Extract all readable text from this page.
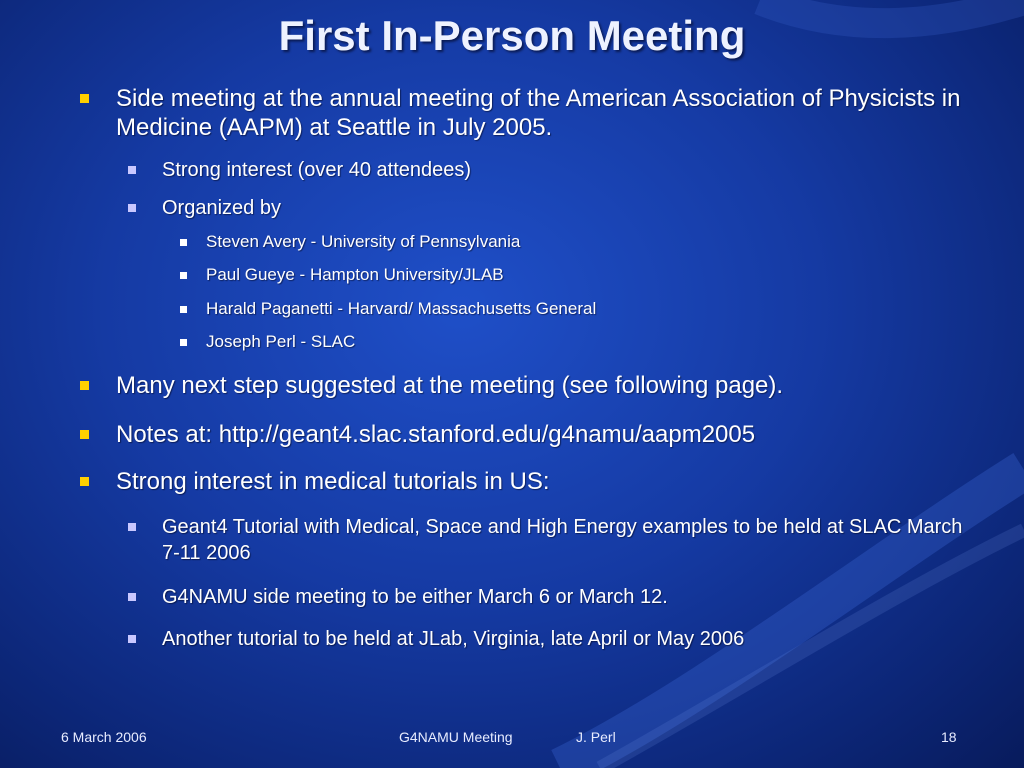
First In-Person Meeting
Side meeting at the annual meeting of the American Association of Physicists in Medicine (AAPM) at Seattle in July 2005.
Strong interest (over 40 attendees)
Organized by
Steven Avery - University of Pennsylvania
Paul Gueye - Hampton University/JLAB
Harald Paganetti - Harvard/ Massachusetts General
Joseph Perl - SLAC
Many next step suggested at the meeting (see following page).
Notes at: http://geant4.slac.stanford.edu/g4namu/aapm2005
Strong interest in medical tutorials in US:
Geant4 Tutorial with Medical, Space and High Energy examples to be held at SLAC March 7-11 2006
G4NAMU side meeting to be either March 6 or March 12.
Another tutorial to be held at JLab, Virginia, late April or May 2006
6 March 2006	G4NAMU Meeting	J. Perl	18
